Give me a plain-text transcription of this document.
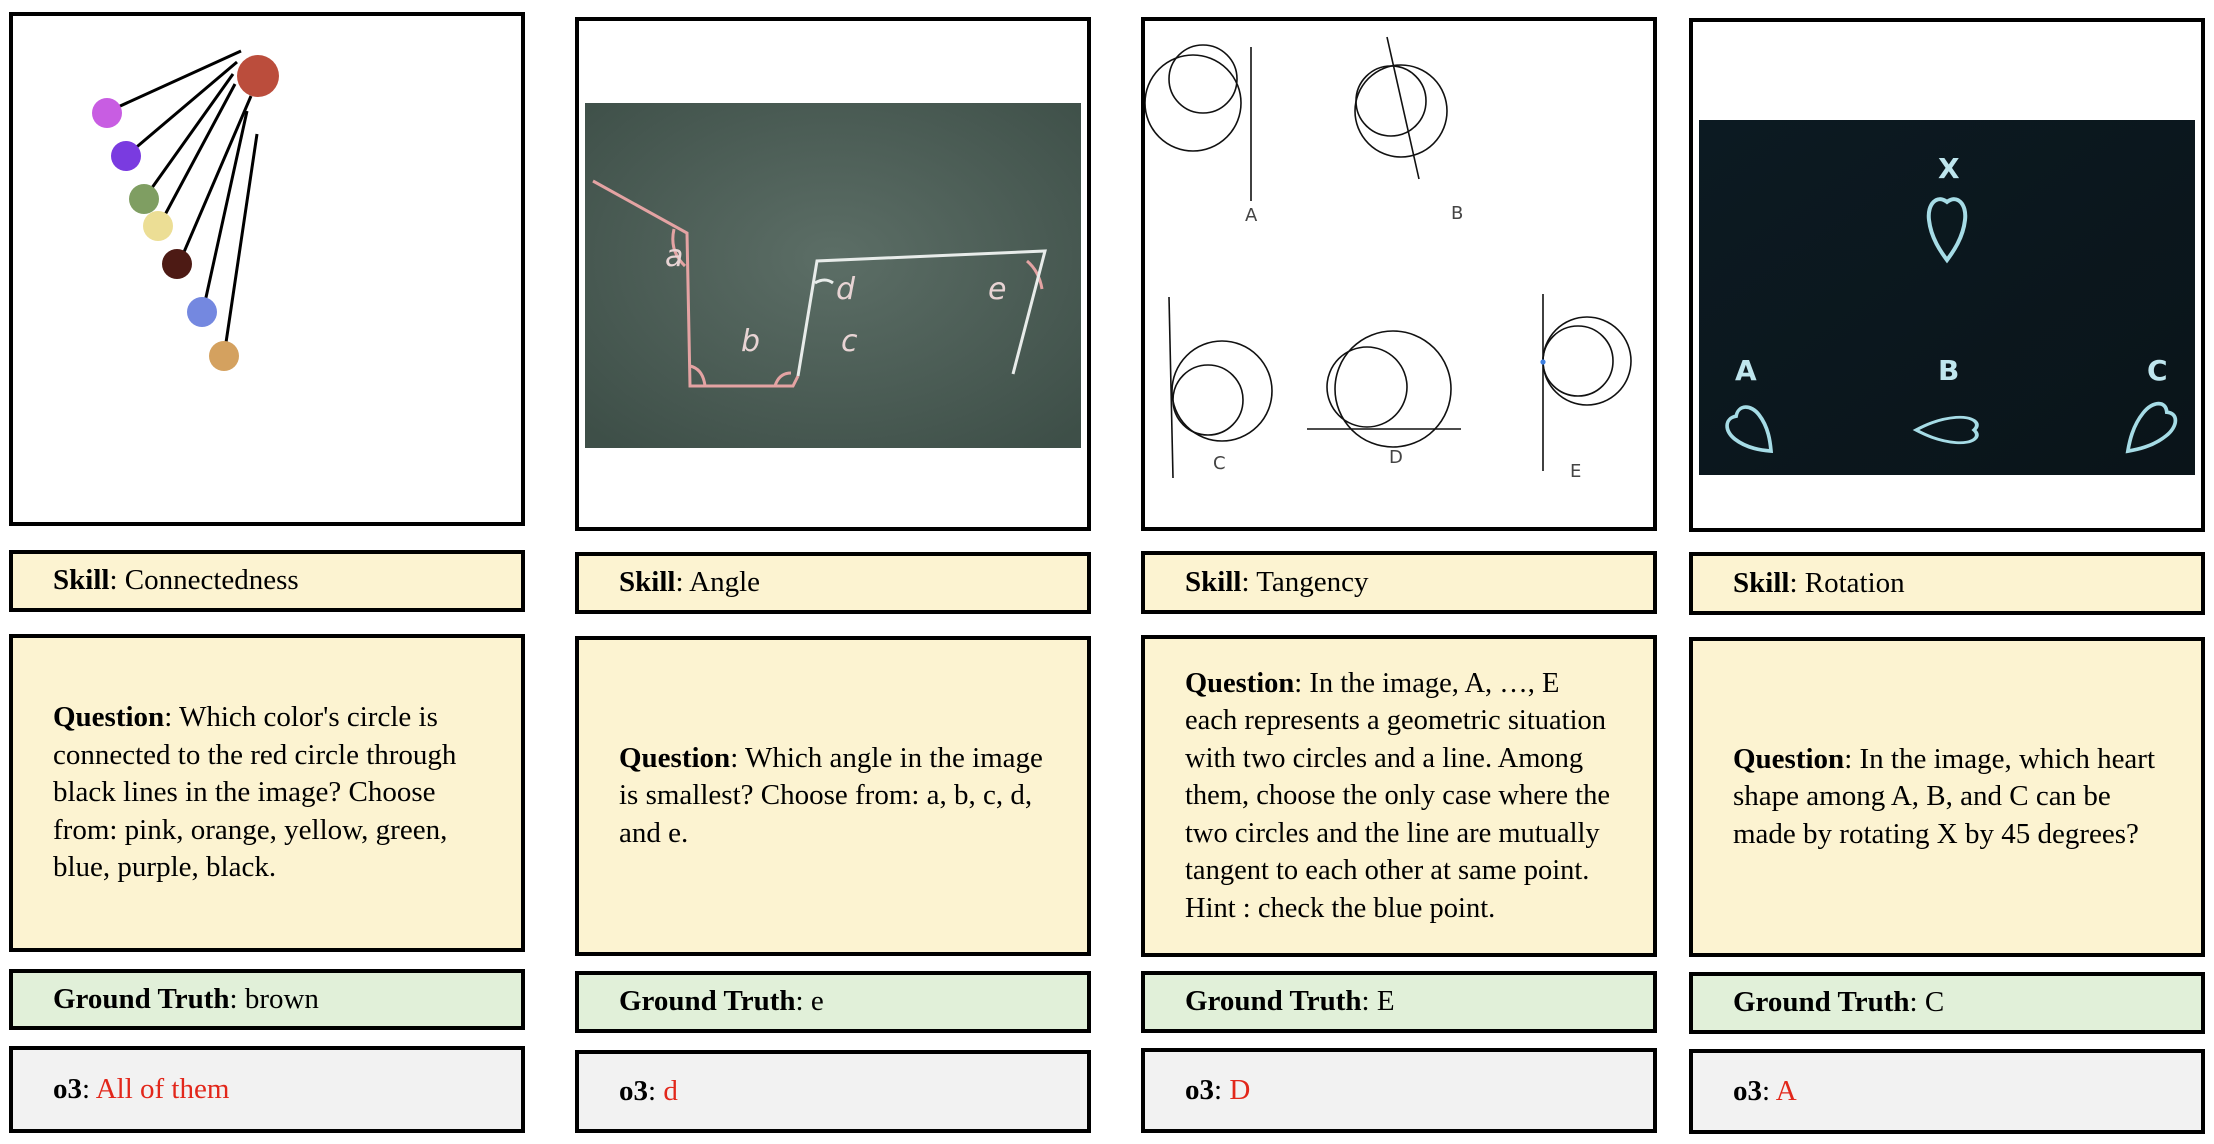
Skill: Connectedness
Question: Which color's circle is connected to the red circle through black lines in the image? Choose from: pink, orange, yellow, green, blue, purple, black.
Ground Truth: brown
o3: All of them
a
b	c
d	e
Skill: Angle
Question: Which angle in the image is smallest? Choose from: a, b, c, d, and e.
Ground Truth: e
o3: d
A	B
C	D
E
Skill: Tangency
Question: In the image, A, …, E each represents a geometric situation with two circles and a line. Among them, choose the only case where the two circles and the line are mutually tangent to each other at same point.
Hint : check the blue point.
Ground Truth: E
o3: D
X
A	B	C
Skill: Rotation
Question: In the image, which heart shape among A, B, and C can be made by rotating X by 45 degrees?
Ground Truth: C
o3: A
